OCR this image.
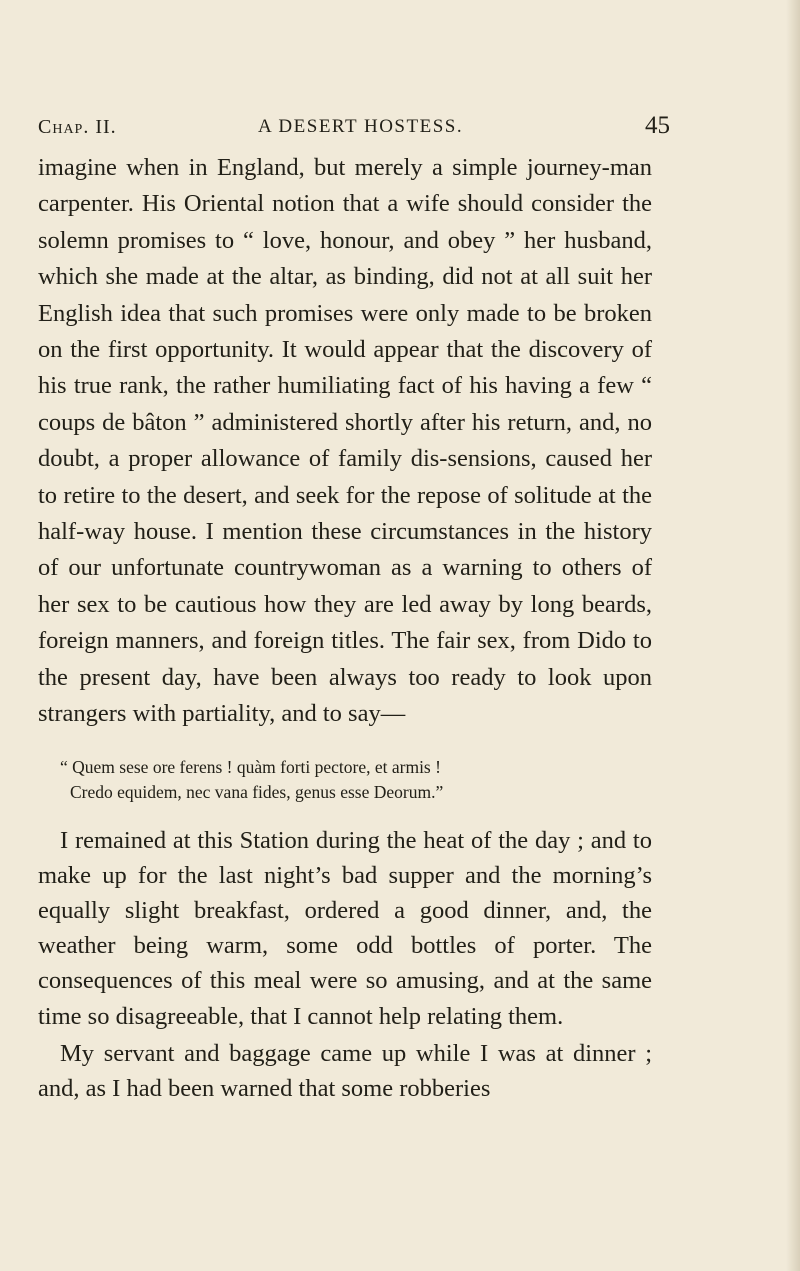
Chap. II.	A DESERT HOSTESS.	45

imagine when in England, but merely a simple journey-man carpenter. His Oriental notion that a wife should consider the solemn promises to “ love, honour, and obey ” her husband, which she made at the altar, as binding, did not at all suit her English idea that such promises were only made to be broken on the first opportunity. It would appear that the discovery of his true rank, the rather humiliating fact of his having a few “ coups de bâton ” administered shortly after his return, and, no doubt, a proper allowance of family dis-sensions, caused her to retire to the desert, and seek for the repose of solitude at the half-way house. I mention these circumstances in the history of our unfortunate countrywoman as a warning to others of her sex to be cautious how they are led away by long beards, foreign manners, and foreign titles. The fair sex, from Dido to the present day, have been always too ready to look upon strangers with partiality, and to say—

“ Quem sese ore ferens ! quàm forti pectore, et armis !
Credo equidem, nec vana fides, genus esse Deorum.”

I remained at this Station during the heat of the day ; and to make up for the last night’s bad supper and the morning’s equally slight breakfast, ordered a good dinner, and, the weather being warm, some odd bottles of porter. The consequences of this meal were so amusing, and at the same time so disagreeable, that I cannot help relating them.

My servant and baggage came up while I was at dinner ; and, as I had been warned that some robberies
